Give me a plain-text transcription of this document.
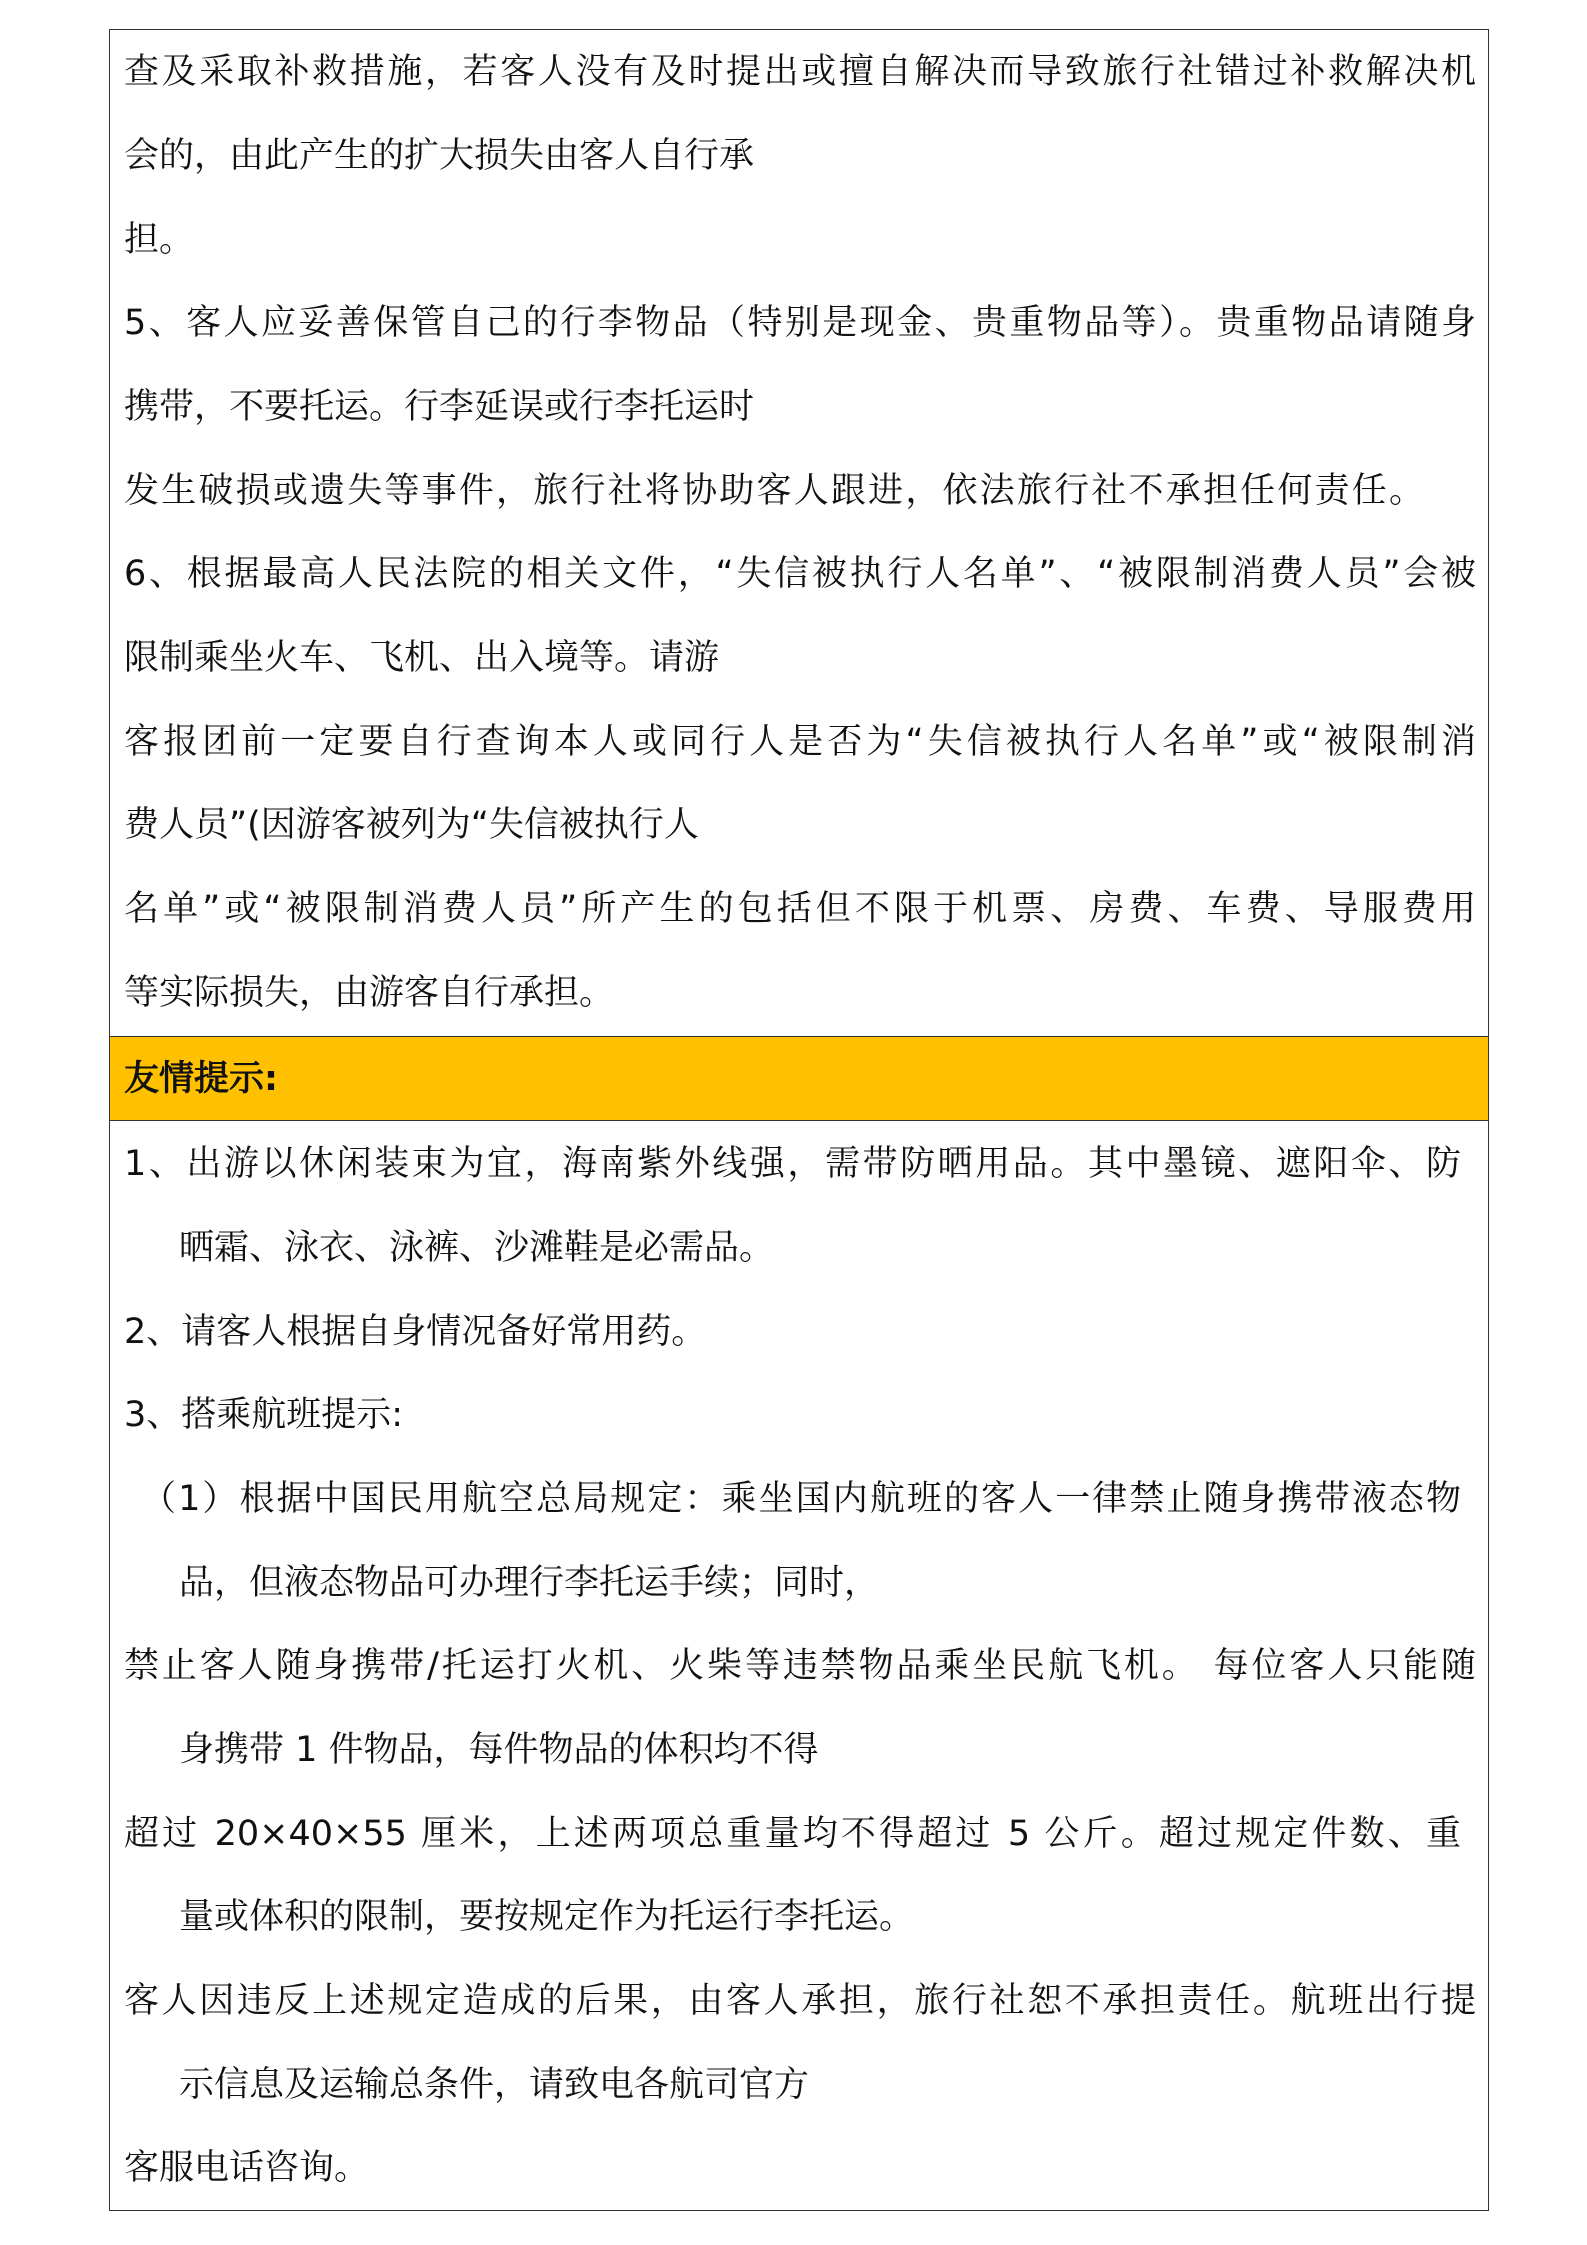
查及采取补救措施，若客人没有及时提出或擅自解决而导致旅行社错过补救解决机
会的，由此产生的扩大损失由客人自行承
担。
5、客人应妥善保管自己的行李物品（特别是现金、贵重物品等）。贵重物品请随身
携带，不要托运。行李延误或行李托运时
发生破损或遗失等事件，旅行社将协助客人跟进，依法旅行社不承担任何责任。
6、根据最高人民法院的相关文件，“失信被执行人名单”、“被限制消费人员”会被
限制乘坐火车、飞机、出入境等。请游
客报团前一定要自行查询本人或同行人是否为“失信被执行人名单”或“被限制消
费人员”(因游客被列为“失信被执行人
名单”或“被限制消费人员”所产生的包括但不限于机票、房费、车费、导服费用
等实际损失，由游客自行承担。
友情提示:
1、出游以休闲装束为宜，海南紫外线强，需带防晒用品。其中墨镜、遮阳伞、防
晒霜、泳衣、泳裤、沙滩鞋是必需品。
2、请客人根据自身情况备好常用药。
3、搭乘航班提示:
（1）根据中国民用航空总局规定：乘坐国内航班的客人一律禁止随身携带液态物
品，但液态物品可办理行李托运手续；同时，
禁止客人随身携带/托运打火机、火柴等违禁物品乘坐民航飞机。 每位客人只能随
身携带 1 件物品，每件物品的体积均不得
超过 20×40×55 厘米，上述两项总重量均不得超过 5 公斤。超过规定件数、重
量或体积的限制，要按规定作为托运行李托运。
客人因违反上述规定造成的后果，由客人承担，旅行社恕不承担责任。航班出行提
示信息及运输总条件，请致电各航司官方
客服电话咨询。
